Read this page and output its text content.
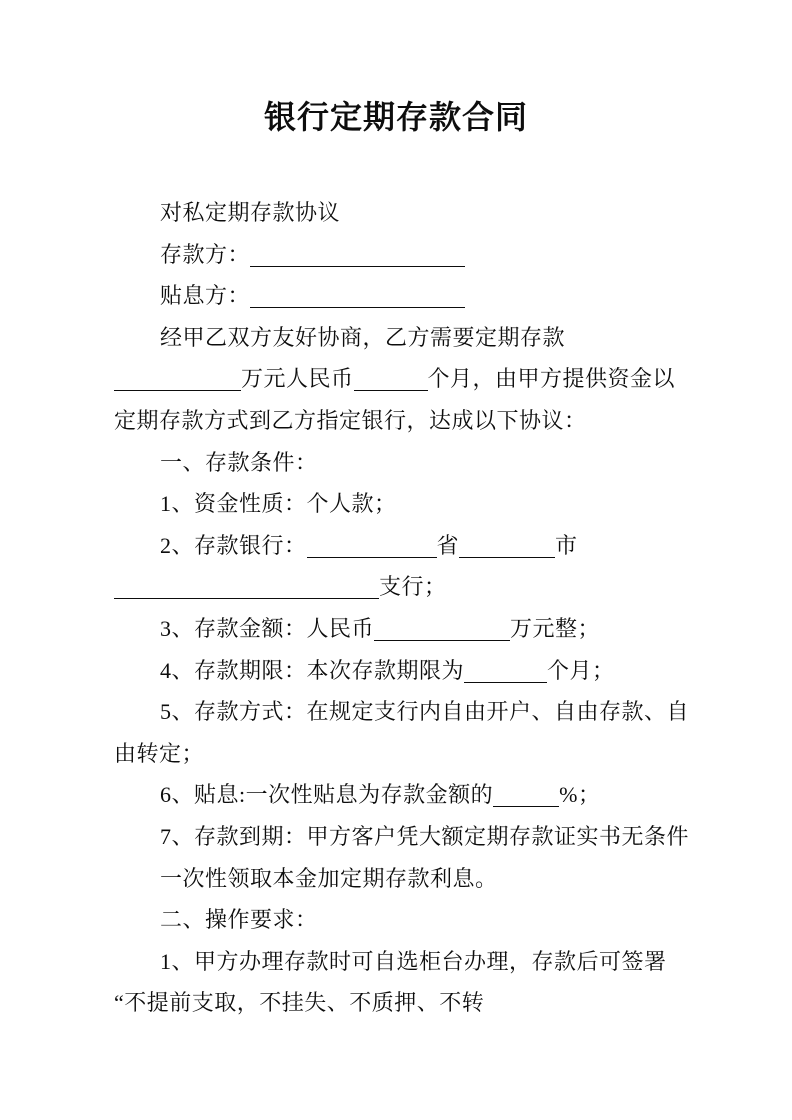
银行定期存款合同
对私定期存款协议
存款方：
贴息方：
经甲乙双方友好协商，乙方需要定期存款
万元人民币	个月，由甲方提供资金以
定期存款方式到乙方指定银行，达成以下协议：
一、存款条件：
1、资金性质：个人款；
2、存款银行：	省	市
支行；
3、存款金额：人民币	万元整；
4、存款期限：本次存款期限为	个月；
5、存款方式：在规定支行内自由开户、自由存款、自
由转定；
6、贴息:一次性贴息为存款金额的	%；
7、存款到期：甲方客户凭大额定期存款证实书无条件
一次性领取本金加定期存款利息。
二、操作要求：
1、甲方办理存款时可自选柜台办理，存款后可签署
“不提前支取，不挂失、不质押、不转
